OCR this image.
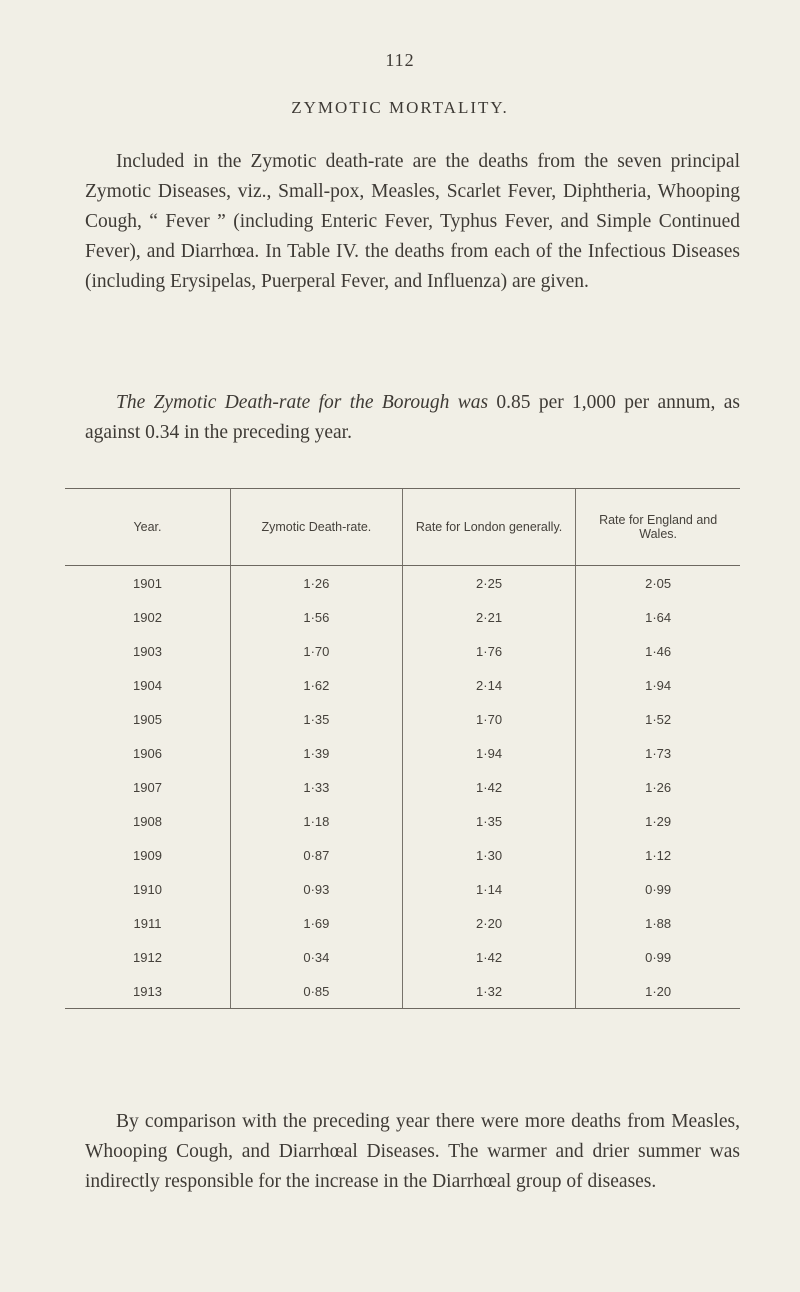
112
ZYMOTIC MORTALITY.

Included in the Zymotic death-rate are the deaths from the seven principal Zymotic Diseases, viz., Small-pox, Measles, Scarlet Fever, Diphtheria, Whooping Cough, “ Fever ” (including Enteric Fever, Typhus Fever, and Simple Continued Fever), and Diarrhœa. In Table IV. the deaths from each of the Infectious Diseases (including Erysipelas, Puerperal Fever, and Influenza) are given.

The Zymotic Death-rate for the Borough was 0.85 per 1,000 per annum, as against 0.34 in the preceding year.

Year.	Zymotic Death-rate.	Rate for London generally.	Rate for England and Wales.
1901	1·26	2·25	2·05
1902	1·56	2·21	1·64
1903	1·70	1·76	1·46
1904	1·62	2·14	1·94
1905	1·35	1·70	1·52
1906	1·39	1·94	1·73
1907	1·33	1·42	1·26
1908	1·18	1·35	1·29
1909	0·87	1·30	1·12
1910	0·93	1·14	0·99
1911	1·69	2·20	1·88
1912	0·34	1·42	0·99
1913	0·85	1·32	1·20

By comparison with the preceding year there were more deaths from Measles, Whooping Cough, and Diarrhœal Diseases. The warmer and drier summer was indirectly responsible for the increase in the Diarrhœal group of diseases.
